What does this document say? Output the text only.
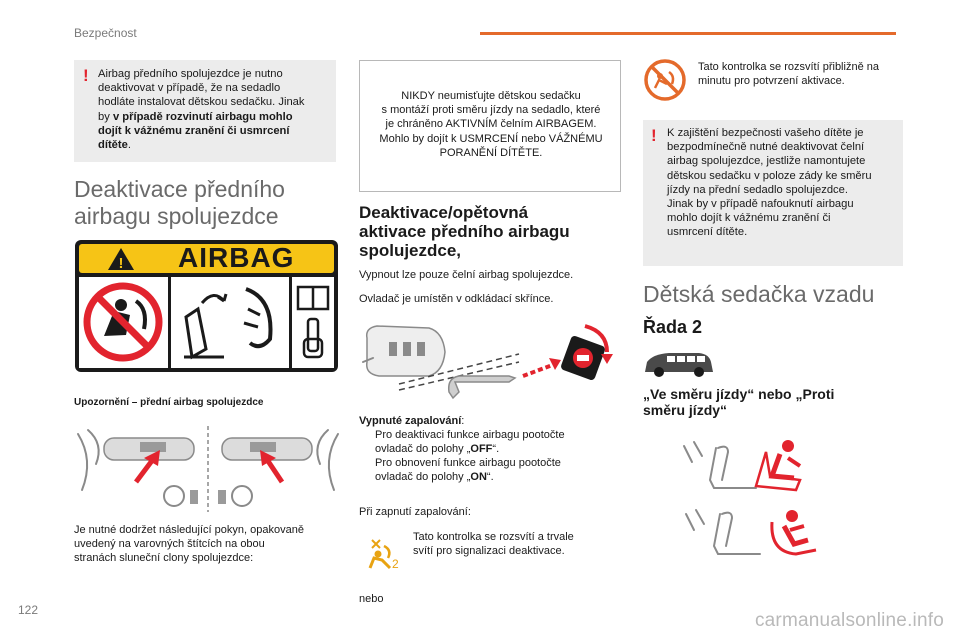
Bezpečnost
! Airbag předního spolujezdce je nutno
deaktivovat v případě, že na sedadlo
hodláte instalovat dětskou sedačku. Jinak
by v případě rozvinutí airbagu mohlo
dojít k vážnému zranění či usmrcení
dítěte.
Deaktivace předního
airbagu spolujezdce
! AIRBAG
Upozornění – přední airbag spolujezdce
Je nutné dodržet následující pokyn, opakovaně
uvedený na varovných štítcích na obou
stranách sluneční clony spolujezdce:
122
NIKDY neumisťujte dětskou sedačku
s montáží proti směru jízdy na sedadlo, které
je chráněno AKTIVNÍM čelním AIRBAGEM.
Mohlo by dojít k USMRCENÍ nebo VÁŽNÉMU
PORANĚNÍ DÍTĚTE.
Deaktivace/opětovná
aktivace předního airbagu
spolujezdce,
Vypnout lze pouze čelní airbag spolujezdce.
Ovladač je umístěn v odkládací skřínce.
Vypnuté zapalování:
Pro deaktivaci funkce airbagu pootočte
ovladač do polohy „OFF“.
Pro obnovení funkce airbagu pootočte
ovladač do polohy „ON“.
Při zapnutí zapalování:
2
Tato kontrolka se rozsvítí a trvale
svítí pro signalizaci deaktivace.
nebo
Tato kontrolka se rozsvítí přibližně na
minutu pro potvrzení aktivace.
! K zajištění bezpečnosti vašeho dítěte je
bezpodmínečně nutné deaktivovat čelní
airbag spolujezdce, jestliže namontujete
dětskou sedačku v poloze zády ke směru
jízdy na přední sedadlo spolujezdce.
Jinak by v případě nafouknutí airbagu
mohlo dojít k vážnému zranění či
usmrcení dítěte.
Dětská sedačka vzadu
Řada 2
„Ve směru jízdy“ nebo „Proti
směru jízdy“
carmanualsonline.info
